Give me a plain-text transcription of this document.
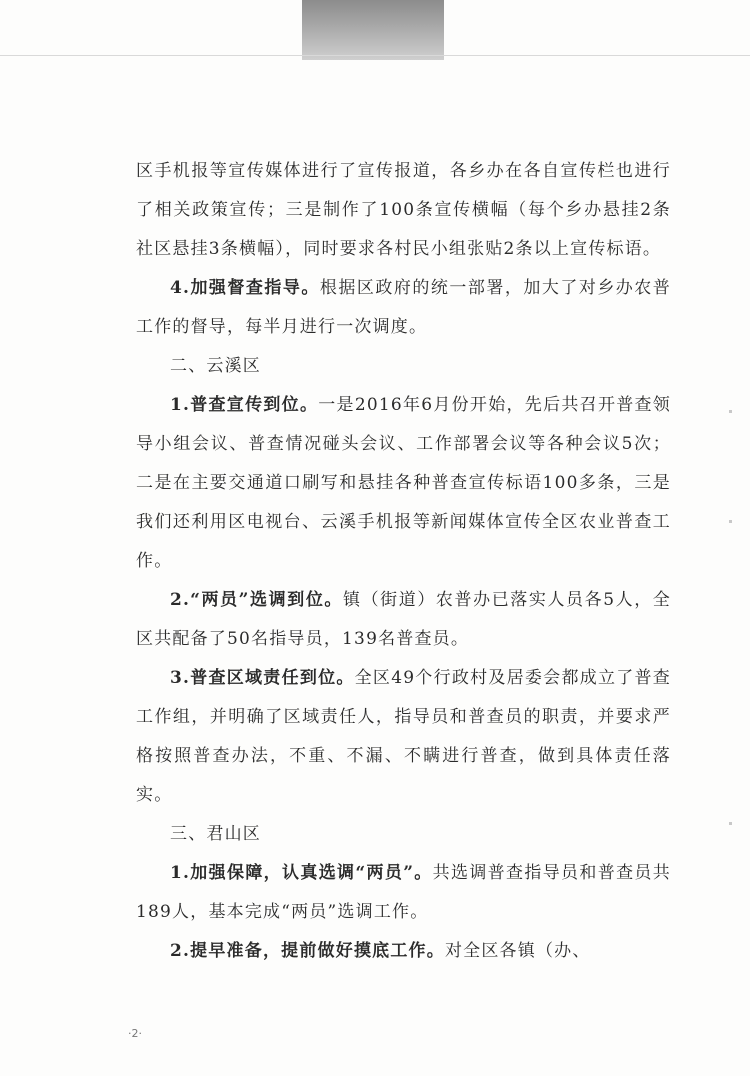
区手机报等宣传媒体进行了宣传报道，各乡办在各自宣传栏也进行了相关政策宣传；三是制作了100条宣传横幅（每个乡办悬挂2条社区悬挂3条横幅），同时要求各村民小组张贴2条以上宣传标语。

4.加强督查指导。根据区政府的统一部署，加大了对乡办农普工作的督导，每半月进行一次调度。

二、云溪区

1.普查宣传到位。一是2016年6月份开始，先后共召开普查领导小组会议、普查情况碰头会议、工作部署会议等各种会议5次；二是在主要交通道口刷写和悬挂各种普查宣传标语100多条，三是我们还利用区电视台、云溪手机报等新闻媒体宣传全区农业普查工作。

2.“两员”选调到位。镇（街道）农普办已落实人员各5人，全区共配备了50名指导员，139名普查员。

3.普查区域责任到位。全区49个行政村及居委会都成立了普查工作组，并明确了区域责任人，指导员和普查员的职责，并要求严格按照普查办法，不重、不漏、不瞒进行普查，做到具体责任落实。

三、君山区

1.加强保障，认真选调“两员”。共选调普查指导员和普查员共189人，基本完成“两员”选调工作。

2.提早准备，提前做好摸底工作。对全区各镇（办、

·2·
